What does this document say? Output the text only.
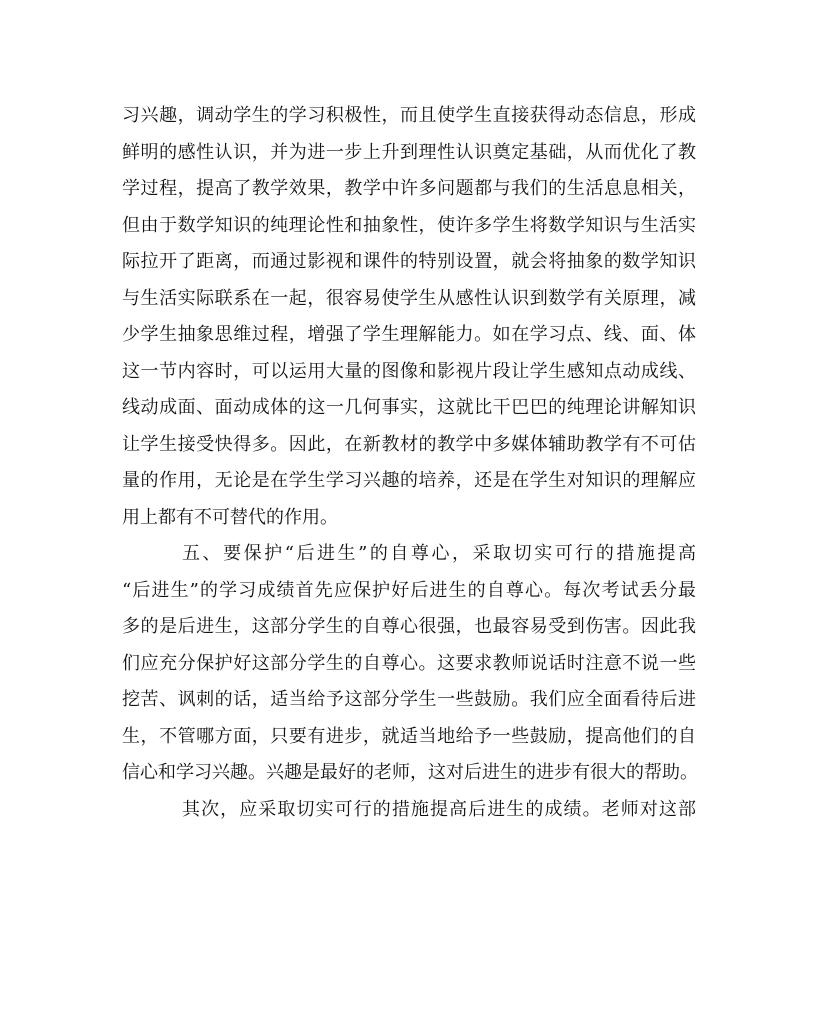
习兴趣，调动学生的学习积极性，而且使学生直接获得动态信息，形成
鲜明的感性认识，并为进一步上升到理性认识奠定基础，从而优化了教
学过程，提高了教学效果，教学中许多问题都与我们的生活息息相关，
但由于数学知识的纯理论性和抽象性，使许多学生将数学知识与生活实
际拉开了距离，而通过影视和课件的特别设置，就会将抽象的数学知识
与生活实际联系在一起，很容易使学生从感性认识到数学有关原理，减
少学生抽象思维过程，增强了学生理解能力。如在学习点、线、面、体
这一节内容时，可以运用大量的图像和影视片段让学生感知点动成线、
线动成面、面动成体的这一几何事实，这就比干巴巴的纯理论讲解知识
让学生接受快得多。因此，在新教材的教学中多媒体辅助教学有不可估
量的作用，无论是在学生学习兴趣的培养，还是在学生对知识的理解应
用上都有不可替代的作用。
五、要保护“后进生”的自尊心，采取切实可行的措施提高
“后进生”的学习成绩首先应保护好后进生的自尊心。每次考试丢分最
多的是后进生，这部分学生的自尊心很强，也最容易受到伤害。因此我
们应充分保护好这部分学生的自尊心。这要求教师说话时注意不说一些
挖苦、讽刺的话，适当给予这部分学生一些鼓励。我们应全面看待后进
生，不管哪方面，只要有进步，就适当地给予一些鼓励，提高他们的自
信心和学习兴趣。兴趣是最好的老师，这对后进生的进步有很大的帮助。
其次，应采取切实可行的措施提高后进生的成绩。老师对这部
